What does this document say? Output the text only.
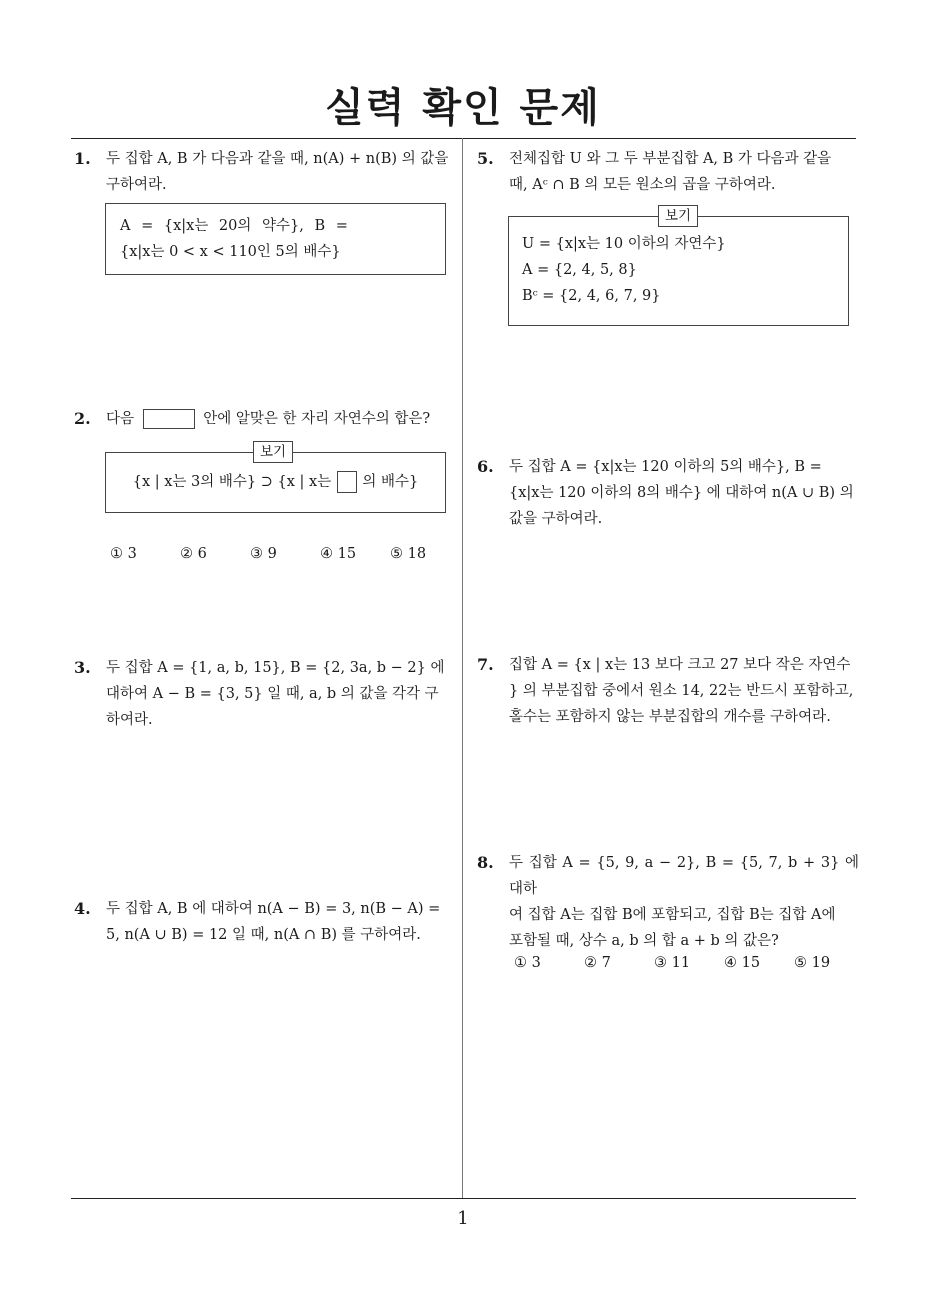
실력 확인 문제
1. 두 집합 A, B 가 다음과 같을 때, n(A) + n(B) 의 값을
구하여라.
A = {x|x는 20의 약수}, B =
{x|x는 0 < x < 110인 5의 배수}
2. 다음	안에 알맞은 한 자리 자연수의 합은?
{x | x는 3의 배수} ⊃ {x | x는 의 배수}
보기
① 3	② 6	③ 9	④ 15 ⑤ 18
3. 두 집합 A = {1, a, b, 15}, B = {2, 3a, b − 2} 에
대하여 A − B = {3, 5} 일 때, a, b 의 값을 각각 구
하여라.
4. 두 집합 A, B 에 대하여 n(A − B) = 3, n(B − A) =
5, n(A ∪ B) = 12 일 때, n(A ∩ B) 를 구하여라.
5. 전체집합 U 와 그 두 부분집합 A, B 가 다음과 같을
때, Aᶜ ∩ B 의 모든 원소의 곱을 구하여라.
U = {x|x는 10 이하의 자연수}
A = {2, 4, 5, 8}
Bᶜ = {2, 4, 6, 7, 9}
보기
6. 두 집합 A = {x|x는 120 이하의 5의 배수}, B =
{x|x는 120 이하의 8의 배수} 에 대하여 n(A ∪ B) 의
값을 구하여라.
7. 집합 A = {x | x는 13 보다 크고 27 보다 작은 자연수
} 의 부분집합 중에서 원소 14, 22는 반드시 포함하고,
홀수는 포함하지 않는 부분집합의 개수를 구하여라.
8. 두 집합 A = {5, 9, a − 2}, B = {5, 7, b + 3} 에 대하
여 집합 A는 집합 B에 포함되고, 집합 B는 집합 A에
포함될 때, 상수 a, b 의 합 a + b 의 값은?
① 3	② 7	③ 11 ④ 15 ⑤ 19
1
